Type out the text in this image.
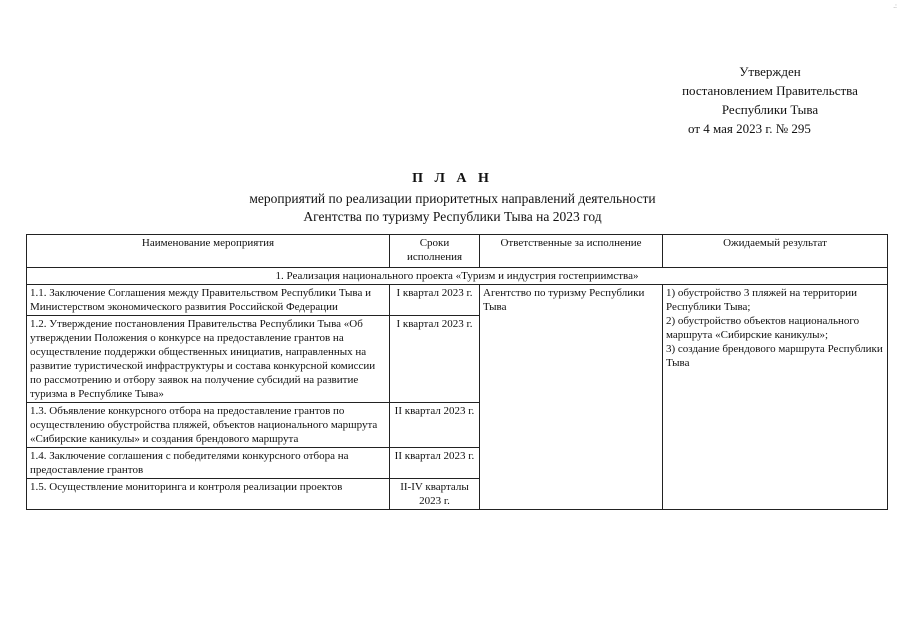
.:
Утвержден
постановлением Правительства
Республики Тыва
от 4 мая 2023 г. № 295
П Л А Н
мероприятий по реализации приоритетных направлений деятельности
Агентства по туризму Республики Тыва на 2023 год
Наименование мероприятия	Сроки исполнения	Ответственные за исполнение	Ожидаемый результат
1. Реализация национального проекта «Туризм и индустрия гостеприимства»			
1.1. Заключение Соглашения между Правительством Республики Тыва и Министерством экономического развития Российской Федерации	I квартал 2023 г.	Агентство по туризму Республики Тыва	1) обустройство 3 пляжей на территории Республики Тыва;
2) обустройство объектов национального маршрута «Сибирские каникулы»;
3) создание брендового маршрута Республики Тыва

1.2. Утверждение постановления Правительства Республики Тыва «Об утверждении Положения о конкурсе на предоставление грантов на осуществление поддержки общественных инициатив, направленных на развитие туристической инфраструктуры и состава конкурсной комиссии по рассмотрению и отбору заявок на получение субсидий на развитие туризма в Республике Тыва»	I квартал 2023 г.		
1.3. Объявление конкурсного отбора на предоставление грантов по осуществлению обустройства пляжей, объектов национального маршрута «Сибирские каникулы» и создания брендового маршрута	II квартал 2023 г.		
1.4. Заключение соглашения с победителями конкурсного отбора на предоставление грантов	II квартал 2023 г.		
1.5. Осуществление мониторинга и контроля реализации проектов	II-IV кварталы 2023 г.		
